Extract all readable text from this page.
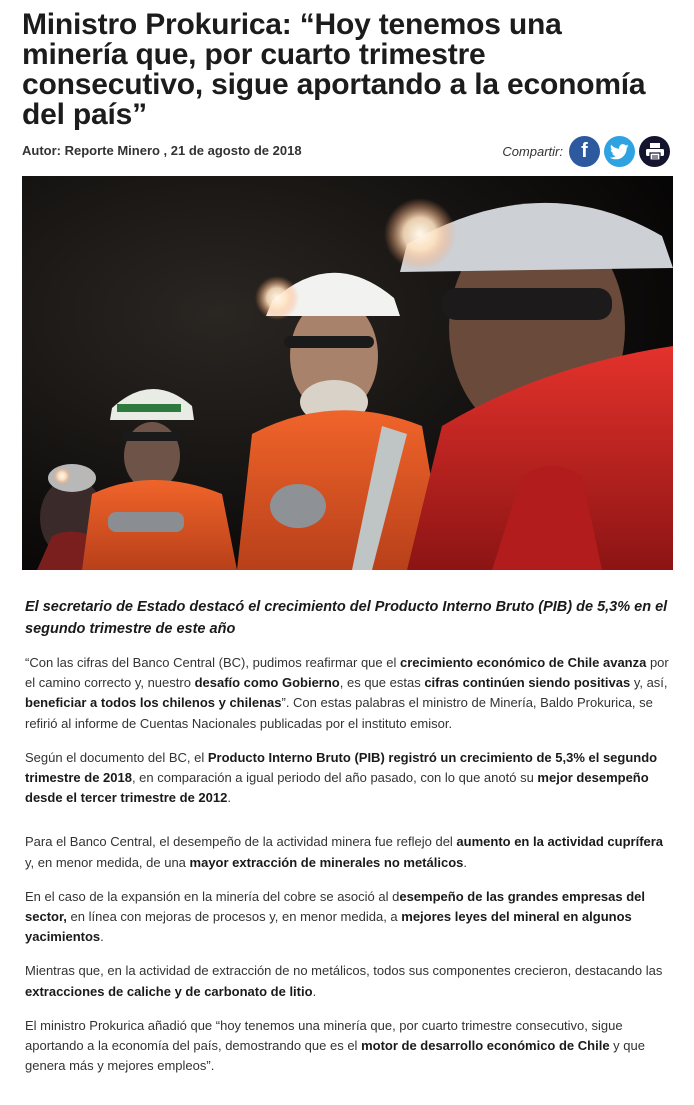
Ministro Prokurica: “Hoy tenemos una minería que, por cuarto trimestre consecutivo, sigue aportando a la economía del país”
Autor: Reporte Minero , 21 de agosto de 2018	Compartir: f

El secretario de Estado destacó el crecimiento del Producto Interno Bruto (PIB) de 5,3% en el segundo trimestre de este año

“Con las cifras del Banco Central (BC), pudimos reafirmar que el crecimiento económico de Chile avanza por el camino correcto y, nuestro desafío como Gobierno, es que estas cifras continúen siendo positivas y, así, beneficiar a todos los chilenos y chilenas”. Con estas palabras el ministro de Minería, Baldo Prokurica, se refirió al informe de Cuentas Nacionales publicadas por el instituto emisor.

Según el documento del BC, el Producto Interno Bruto (PIB) registró un crecimiento de 5,3% el segundo trimestre de 2018, en comparación a igual periodo del año pasado, con lo que anotó su mejor desempeño desde el tercer trimestre de 2012.

Para el Banco Central, el desempeño de la actividad minera fue reflejo del aumento en la actividad cuprífera y, en menor medida, de una mayor extracción de minerales no metálicos.

En el caso de la expansión en la minería del cobre se asoció al desempeño de las grandes empresas del sector, en línea con mejoras de procesos y, en menor medida, a mejores leyes del mineral en algunos yacimientos.

Mientras que, en la actividad de extracción de no metálicos, todos sus componentes crecieron, destacando las extracciones de caliche y de carbonato de litio.

El ministro Prokurica añadió que “hoy tenemos una minería que, por cuarto trimestre consecutivo, sigue aportando a la economía del país, demostrando que es el motor de desarrollo económico de Chile y que genera más y mejores empleos”.
